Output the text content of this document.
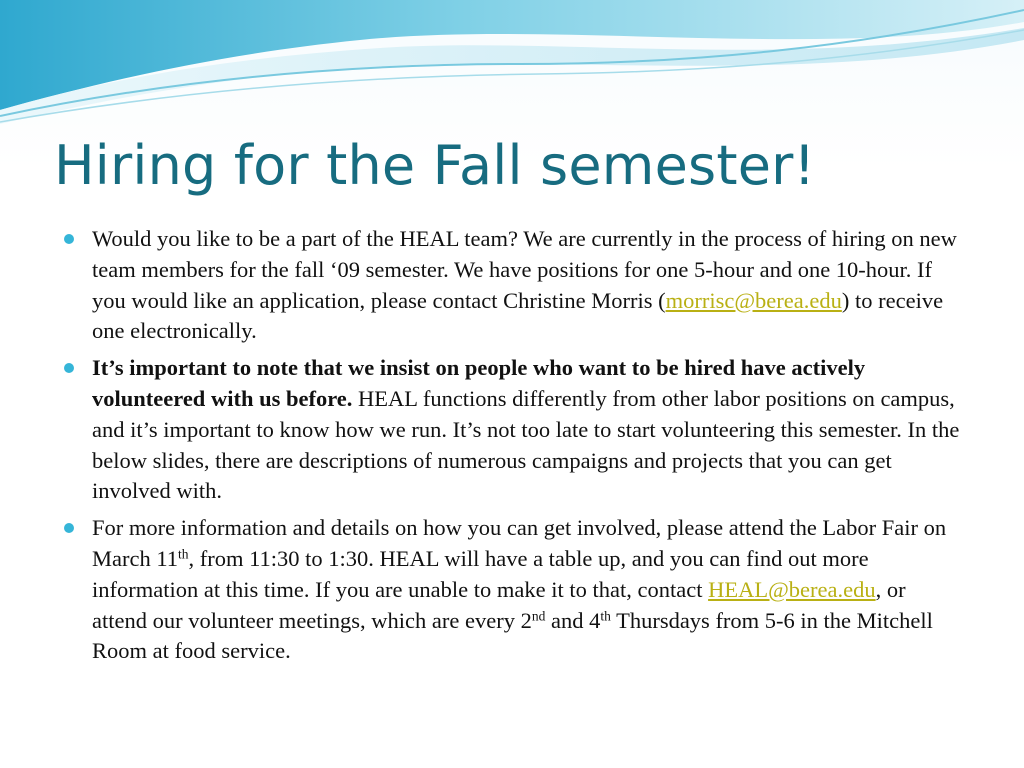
Hiring for the Fall semester!
Would you like to be a part of the HEAL team? We are currently in the process of hiring on new team members for the fall ‘09 semester. We have positions for one 5-hour and one 10-hour. If you would like an application, please contact Christine Morris (morrisc@berea.edu) to receive one electronically.
It’s important to note that we insist on people who want to be hired have actively volunteered with us before. HEAL functions differently from other labor positions on campus, and it’s important to know how we run. It’s not too late to start volunteering this semester. In the below slides, there are descriptions of numerous campaigns and projects that you can get involved with.
For more information and details on how you can get involved, please attend the Labor Fair on March 11th, from 11:30 to 1:30. HEAL will have a table up, and you can find out more information at this time. If you are unable to make it to that, contact HEAL@berea.edu, or attend our volunteer meetings, which are every 2nd and 4th Thursdays from 5-6 in the Mitchell Room at food service.
